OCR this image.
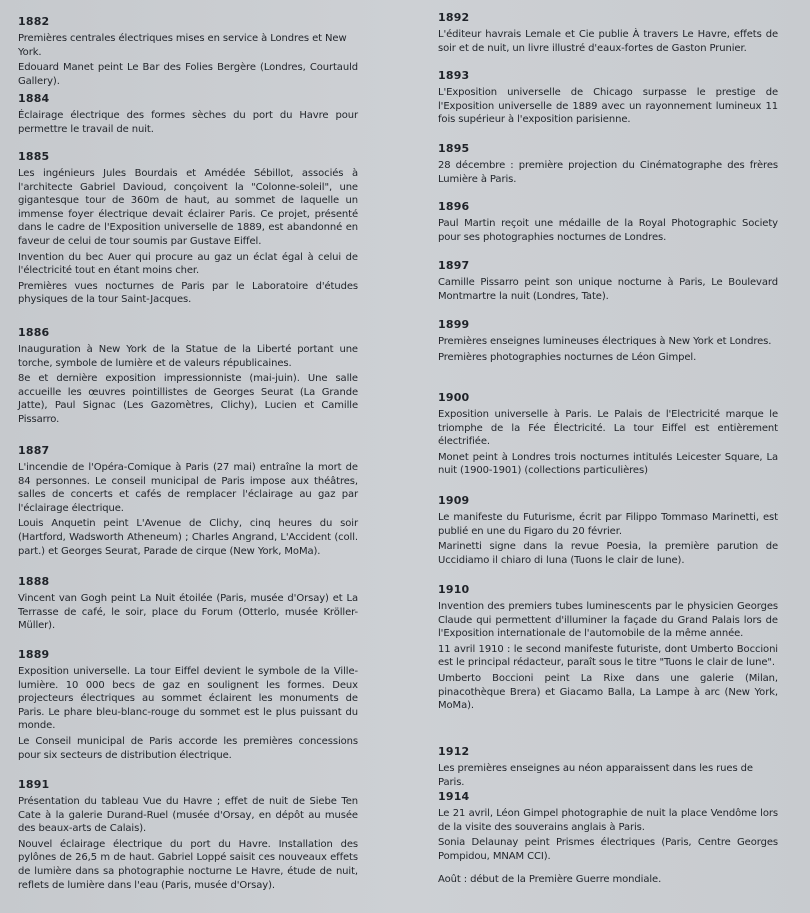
1882
Premières centrales électriques mises en service à Londres et New York.
Edouard Manet peint Le Bar des Folies Bergère (Londres, Courtauld Gallery).
1884
Éclairage électrique des formes sèches du port du Havre pour permettre le travail de nuit.
1885
Les ingénieurs Jules Bourdais et Amédée Sébillot, associés à l'architecte Gabriel Davioud, conçoivent la "Colonne-soleil", une gigantesque tour de 360m de haut, au sommet de laquelle un immense foyer électrique devait éclairer Paris. Ce projet, présenté dans le cadre de l'Exposition universelle de 1889, est abandonné en faveur de celui de tour soumis par Gustave Eiffel.
Invention du bec Auer qui procure au gaz un éclat égal à celui de l'électricité tout en étant moins cher.
Premières vues nocturnes de Paris par le Laboratoire d'études physiques de la tour Saint-Jacques.
1886
Inauguration à New York de la Statue de la Liberté portant une torche, symbole de lumière et de valeurs républicaines.
8e et dernière exposition impressionniste (mai-juin). Une salle accueille les œuvres pointillistes de Georges Seurat (La Grande Jatte), Paul Signac (Les Gazomètres, Clichy), Lucien et Camille Pissarro.
1887
L'incendie de l'Opéra-Comique à Paris (27 mai) entraîne la mort de 84 personnes. Le conseil municipal de Paris impose aux théâtres, salles de concerts et cafés de remplacer l'éclairage au gaz par l'éclairage électrique.
Louis Anquetin peint L'Avenue de Clichy, cinq heures du soir (Hartford, Wadsworth Atheneum) ; Charles Angrand, L'Accident (coll. part.) et Georges Seurat, Parade de cirque (New York, MoMa).
1888
Vincent van Gogh peint La Nuit étoilée (Paris, musée d'Orsay) et La Terrasse de café, le soir, place du Forum (Otterlo, musée Kröller-Müller).
1889
Exposition universelle. La tour Eiffel devient le symbole de la Ville-lumière. 10 000 becs de gaz en soulignent les formes. Deux projecteurs électriques au sommet éclairent les monuments de Paris. Le phare bleu-blanc-rouge du sommet est le plus puissant du monde.
Le Conseil municipal de Paris accorde les premières concessions pour six secteurs de distribution électrique.
1891
Présentation du tableau Vue du Havre ; effet de nuit de Siebe Ten Cate à la galerie Durand-Ruel (musée d'Orsay, en dépôt au musée des beaux-arts de Calais).
Nouvel éclairage électrique du port du Havre. Installation des pylônes de 26,5 m de haut. Gabriel Loppé saisit ces nouveaux effets de lumière dans sa photographie nocturne Le Havre, étude de nuit, reflets de lumière dans l'eau (Paris, musée d'Orsay).
1892
L'éditeur havrais Lemale et Cie publie À travers Le Havre, effets de soir et de nuit, un livre illustré d'eaux-fortes de Gaston Prunier.
1893
L'Exposition universelle de Chicago surpasse le prestige de l'Exposition universelle de 1889 avec un rayonnement lumineux 11 fois supérieur à l'exposition parisienne.
1895
28 décembre : première projection du Cinématographe des frères Lumière à Paris.
1896
Paul Martin reçoit une médaille de la Royal Photographic Society pour ses photographies nocturnes de Londres.
1897
Camille Pissarro peint son unique nocturne à Paris, Le Boulevard Montmartre la nuit (Londres, Tate).
1899
Premières enseignes lumineuses électriques à New York et Londres.
Premières photographies nocturnes de Léon Gimpel.
1900
Exposition universelle à Paris. Le Palais de l'Electricité marque le triomphe de la Fée Électricité. La tour Eiffel est entièrement électrifiée.
Monet peint à Londres trois nocturnes intitulés Leicester Square, La nuit (1900-1901) (collections particulières)
1909
Le manifeste du Futurisme, écrit par Filippo Tommaso Marinetti, est publié en une du Figaro du 20 février.
Marinetti signe dans la revue Poesia, la première parution de Uccidiamo il chiaro di luna (Tuons le clair de lune).
1910
Invention des premiers tubes luminescents par le physicien Georges Claude qui permettent d'illuminer la façade du Grand Palais lors de l'Exposition internationale de l'automobile de la même année.
11 avril 1910 : le second manifeste futuriste, dont Umberto Boccioni est le principal rédacteur, paraît sous le titre "Tuons le clair de lune".
Umberto Boccioni peint La Rixe dans une galerie (Milan, pinacothèque Brera) et Giacamo Balla, La Lampe à arc (New York, MoMa).
1912
Les premières enseignes au néon apparaissent dans les rues de Paris.
1914
Le 21 avril, Léon Gimpel photographie de nuit la place Vendôme lors de la visite des souverains anglais à Paris.
Sonia Delaunay peint Prismes électriques (Paris, Centre Georges Pompidou, MNAM CCI).
Août : début de la Première Guerre mondiale.
